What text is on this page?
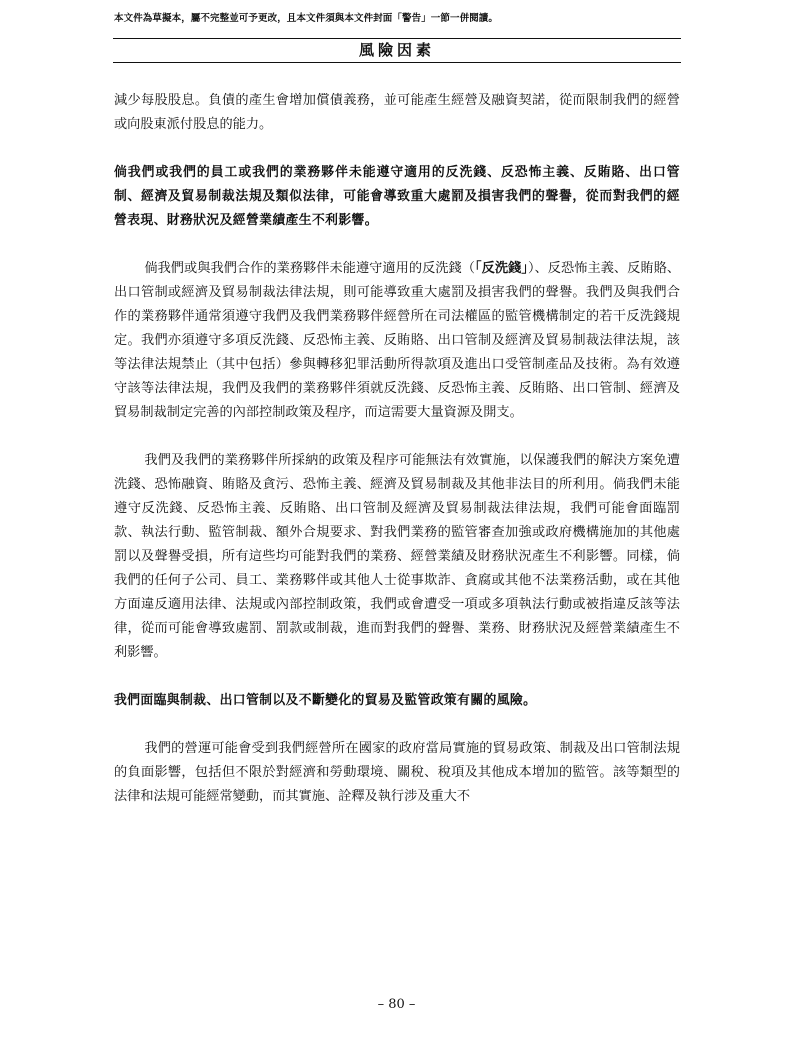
本文件為草擬本，屬不完整並可予更改，且本文件須與本文件封面「警告」一節一併閱讀。
風險因素

減少每股股息。負債的產生會增加償債義務，並可能產生經營及融資契諾，從而限制我們的經營或向股東派付股息的能力。

倘我們或我們的員工或我們的業務夥伴未能遵守適用的反洗錢、反恐怖主義、反賄賂、出口管制、經濟及貿易制裁法規及類似法律，可能會導致重大處罰及損害我們的聲譽，從而對我們的經營表現、財務狀況及經營業績產生不利影響。

倘我們或與我們合作的業務夥伴未能遵守適用的反洗錢（「反洗錢」）、反恐怖主義、反賄賂、出口管制或經濟及貿易制裁法律法規，則可能導致重大處罰及損害我們的聲譽。我們及與我們合作的業務夥伴通常須遵守我們及我們業務夥伴經營所在司法權區的監管機構制定的若干反洗錢規定。我們亦須遵守多項反洗錢、反恐怖主義、反賄賂、出口管制及經濟及貿易制裁法律法規，該等法律法規禁止（其中包括）參與轉移犯罪活動所得款項及進出口受管制產品及技術。為有效遵守該等法律法規，我們及我們的業務夥伴須就反洗錢、反恐怖主義、反賄賂、出口管制、經濟及貿易制裁制定完善的內部控制政策及程序，而這需要大量資源及開支。

我們及我們的業務夥伴所採納的政策及程序可能無法有效實施，以保護我們的解決方案免遭洗錢、恐怖融資、賄賂及貪污、恐怖主義、經濟及貿易制裁及其他非法目的所利用。倘我們未能遵守反洗錢、反恐怖主義、反賄賂、出口管制及經濟及貿易制裁法律法規，我們可能會面臨罰款、執法行動、監管制裁、額外合規要求、對我們業務的監管審查加強或政府機構施加的其他處罰以及聲譽受損，所有這些均可能對我們的業務、經營業績及財務狀況產生不利影響。同樣，倘我們的任何子公司、員工、業務夥伴或其他人士從事欺詐、貪腐或其他不法業務活動，或在其他方面違反適用法律、法規或內部控制政策，我們或會遭受一項或多項執法行動或被指違反該等法律，從而可能會導致處罰、罰款或制裁，進而對我們的聲譽、業務、財務狀況及經營業績產生不利影響。

我們面臨與制裁、出口管制以及不斷變化的貿易及監管政策有關的風險。

我們的營運可能會受到我們經營所在國家的政府當局實施的貿易政策、制裁及出口管制法規的負面影響，包括但不限於對經濟和勞動環境、關稅、稅項及其他成本增加的監管。該等類型的法律和法規可能經常變動，而其實施、詮釋及執行涉及重大不

– 80 –
